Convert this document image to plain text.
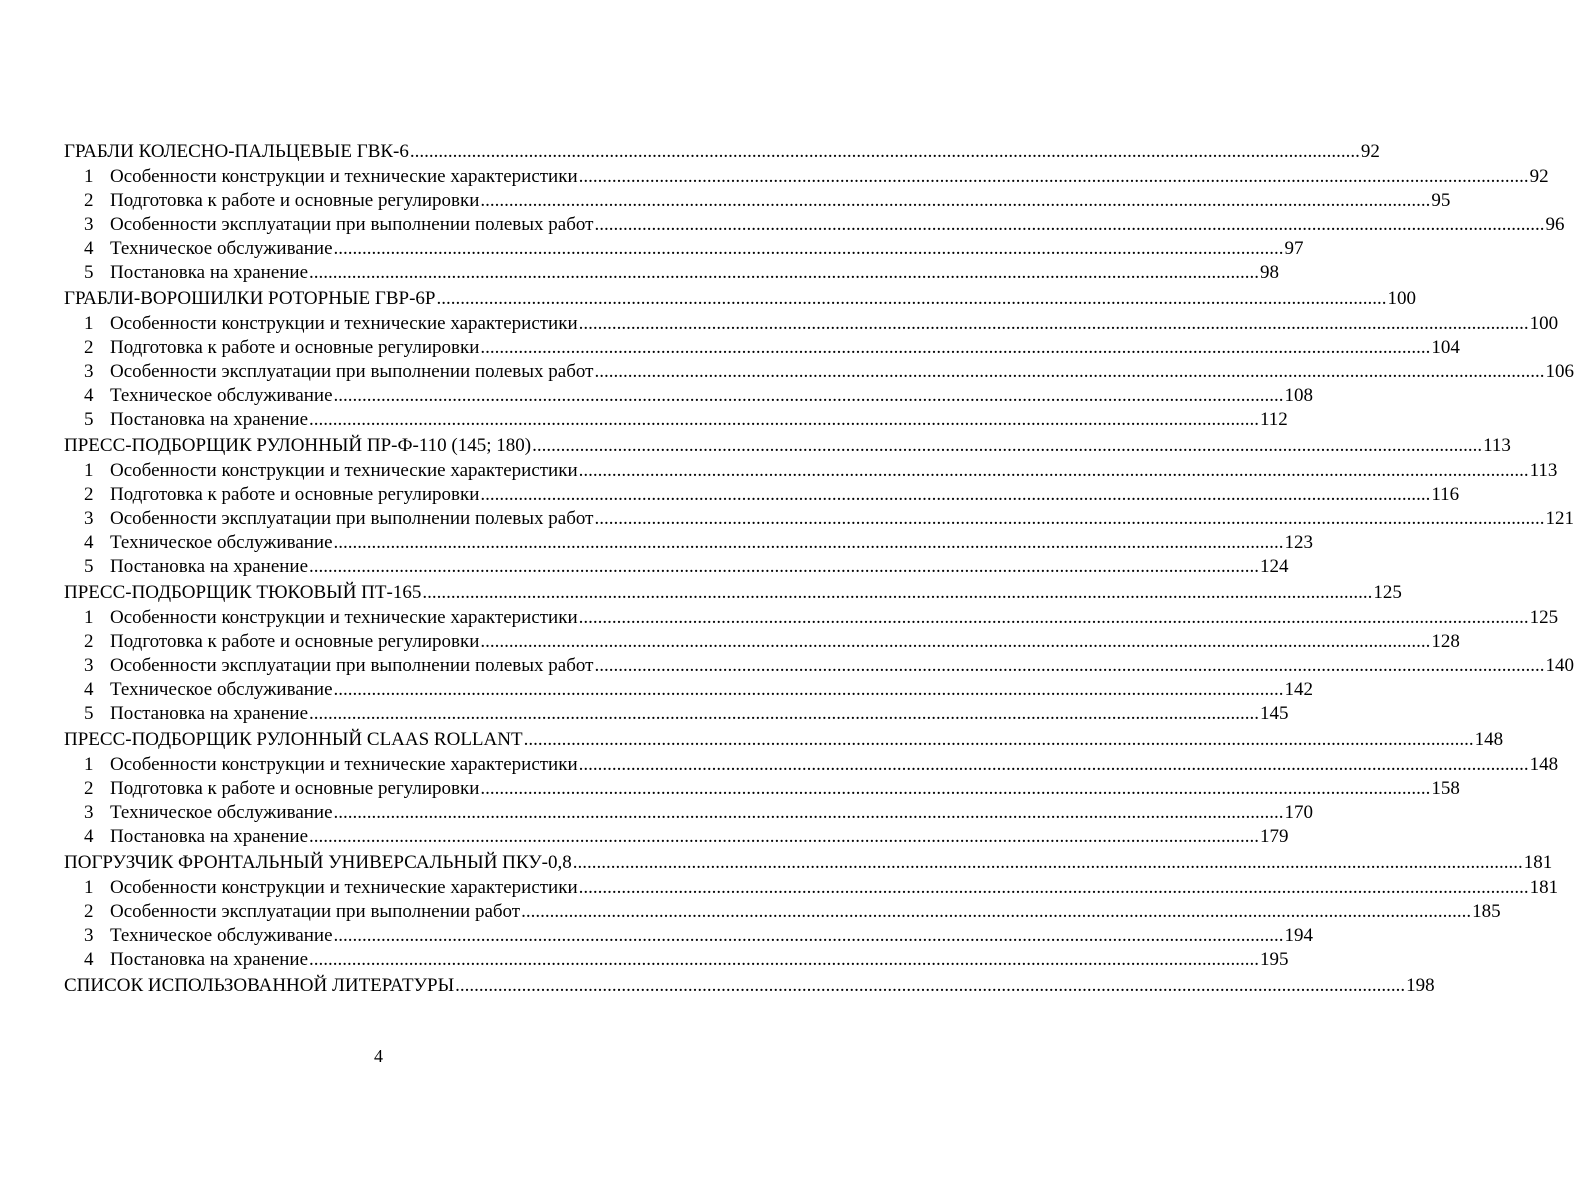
ГРАБЛИ КОЛЕСНО-ПАЛЬЦЕВЫЕ ГВК-6 .....	92
1 Особенности конструкции и технические характеристики .....	92
2 Подготовка к работе и основные регулировки .....	95
3 Особенности эксплуатации при выполнении полевых работ .....	96
4 Техническое обслуживание .....	97
5 Постановка на хранение .....	98
ГРАБЛИ-ВОРОШИЛКИ РОТОРНЫЕ ГВР-6Р .....	100
1 Особенности конструкции и технические характеристики .....	100
2 Подготовка к работе и основные регулировки .....	104
3 Особенности эксплуатации при выполнении полевых работ .....	106
4 Техническое обслуживание .....	108
5 Постановка на хранение .....	112
ПРЕСС-ПОДБОРЩИК РУЛОННЫЙ ПР-Ф-110 (145; 180) .....	113
1 Особенности конструкции и технические характеристики .....	113
2 Подготовка к работе и основные регулировки .....	116
3 Особенности эксплуатации при выполнении полевых работ .....	121
4 Техническое обслуживание .....	123
5 Постановка на хранение .....	124
ПРЕСС-ПОДБОРЩИК ТЮКОВЫЙ ПТ-165 .....	125
1 Особенности конструкции и технические характеристики .....	125
2 Подготовка к работе и основные регулировки .....	128
3 Особенности эксплуатации при выполнении полевых работ .....	140
4 Техническое обслуживание .....	142
5 Постановка на хранение .....	145
ПРЕСС-ПОДБОРЩИК РУЛОННЫЙ CLAAS ROLLANT .....	148
1 Особенности конструкции и технические характеристики .....	148
2 Подготовка к работе и основные регулировки .....	158
3 Техническое обслуживание .....	170
4 Постановка на хранение .....	179
ПОГРУЗЧИК ФРОНТАЛЬНЫЙ УНИВЕРСАЛЬНЫЙ ПКУ-0,8 .....	181
1 Особенности конструкции и технические характеристики .....	181
2 Особенности эксплуатации при выполнении работ .....	185
3 Техническое обслуживание .....	194
4 Постановка на хранение .....	195
СПИСОК ИСПОЛЬЗОВАННОЙ ЛИТЕРАТУРЫ .....	198
4
